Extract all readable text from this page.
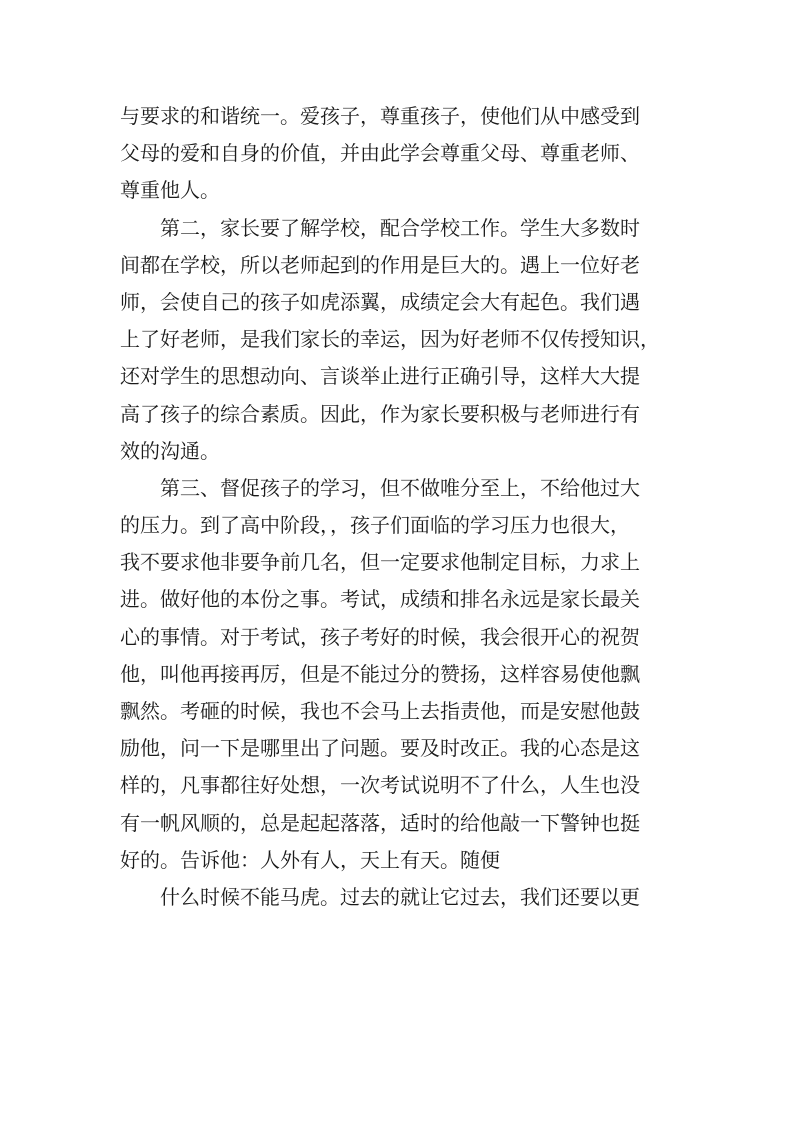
与要求的和谐统一。爱孩子，尊重孩子，使他们从中感受到
父母的爱和自身的价值，并由此学会尊重父母、尊重老师、
尊重他人。
第二，家长要了解学校，配合学校工作。学生大多数时
间都在学校，所以老师起到的作用是巨大的。遇上一位好老
师，会使自己的孩子如虎添翼，成绩定会大有起色。我们遇
上了好老师，是我们家长的幸运，因为好老师不仅传授知识，
还对学生的思想动向、言谈举止进行正确引导，这样大大提
高了孩子的综合素质。因此，作为家长要积极与老师进行有
效的沟通。
第三、督促孩子的学习，但不做唯分至上，不给他过大
的压力。到了高中阶段，，孩子们面临的学习压力也很大，
我不要求他非要争前几名，但一定要求他制定目标，力求上
进。做好他的本份之事。考试，成绩和排名永远是家长最关
心的事情。对于考试，孩子考好的时候，我会很开心的祝贺
他，叫他再接再厉，但是不能过分的赞扬，这样容易使他飘
飘然。考砸的时候，我也不会马上去指责他，而是安慰他鼓
励他，问一下是哪里出了问题。要及时改正。我的心态是这
样的，凡事都往好处想，一次考试说明不了什么，人生也没
有一帆风顺的，总是起起落落，适时的给他敲一下警钟也挺
好的。告诉他：人外有人，天上有天。随便
什么时候不能马虎。过去的就让它过去，我们还要以更
